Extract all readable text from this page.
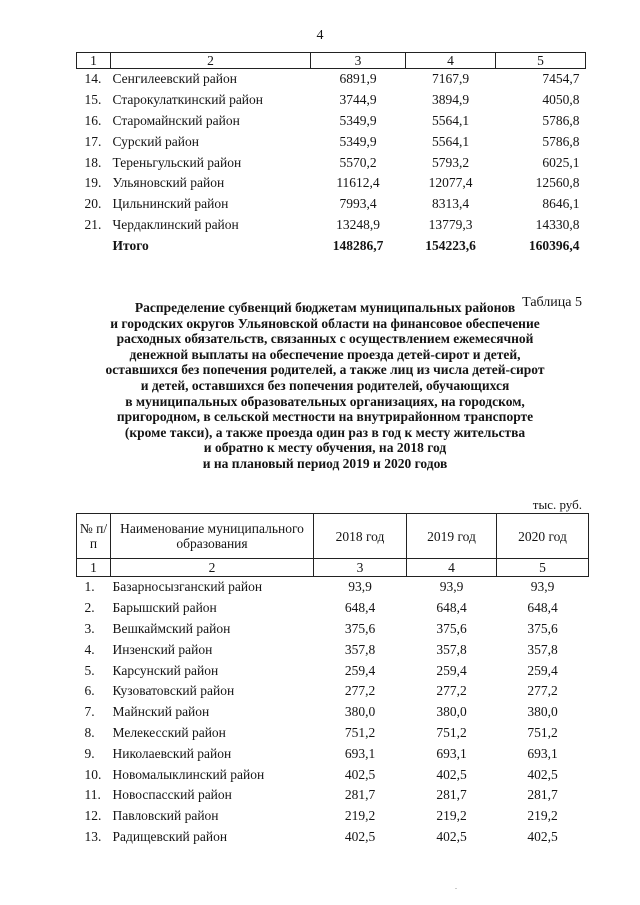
4
1	2	3	4	5
14.	Сенгилеевский район	6891,9	7167,9	7454,7
15.	Старокулаткинский район	3744,9	3894,9	4050,8
16.	Старомайнский район	5349,9	5564,1	5786,8
17.	Сурский район	5349,9	5564,1	5786,8
18.	Тереньгульский район	5570,2	5793,2	6025,1
19.	Ульяновский район	11612,4	12077,4	12560,8
20.	Цильнинский район	7993,4	8313,4	8646,1
21.	Чердаклинский район	13248,9	13779,3	14330,8
	Итого	148286,7	154223,6	160396,4
Таблица 5

Распределение субвенций бюджетам муниципальных районов

и городских округов Ульяновской области на финансовое обеспечение

расходных обязательств, связанных с осуществлением ежемесячной

денежной выплаты на обеспечение проезда детей-сирот и детей,

оставшихся без попечения родителей, а также лиц из числа детей-сирот

и детей, оставшихся без попечения родителей, обучающихся

в муниципальных образовательных организациях, на городском,

пригородном, в сельской местности на внутрирайонном транспорте

(кроме такси), а также проезда один раз в год к месту жительства

и обратно к месту обучения, на 2018 год

и на плановый период 2019 и 2020 годов

тыс. руб.
№ п/п	Наименование муниципального образования	2018 год	2019 год	2020 год
1	2	3	4	5
1.	Базарносызганский район	93,9	93,9	93,9
2.	Барышский район	648,4	648,4	648,4
3.	Вешкаймский район	375,6	375,6	375,6
4.	Инзенский район	357,8	357,8	357,8
5.	Карсунский район	259,4	259,4	259,4
6.	Кузоватовский район	277,2	277,2	277,2
7.	Майнский район	380,0	380,0	380,0
8.	Мелекесский район	751,2	751,2	751,2
9.	Николаевский район	693,1	693,1	693,1
10.	Новомалыклинский район	402,5	402,5	402,5
11.	Новоспасский район	281,7	281,7	281,7
12.	Павловский район	219,2	219,2	219,2
13.	Радищевский район	402,5	402,5	402,5
.
